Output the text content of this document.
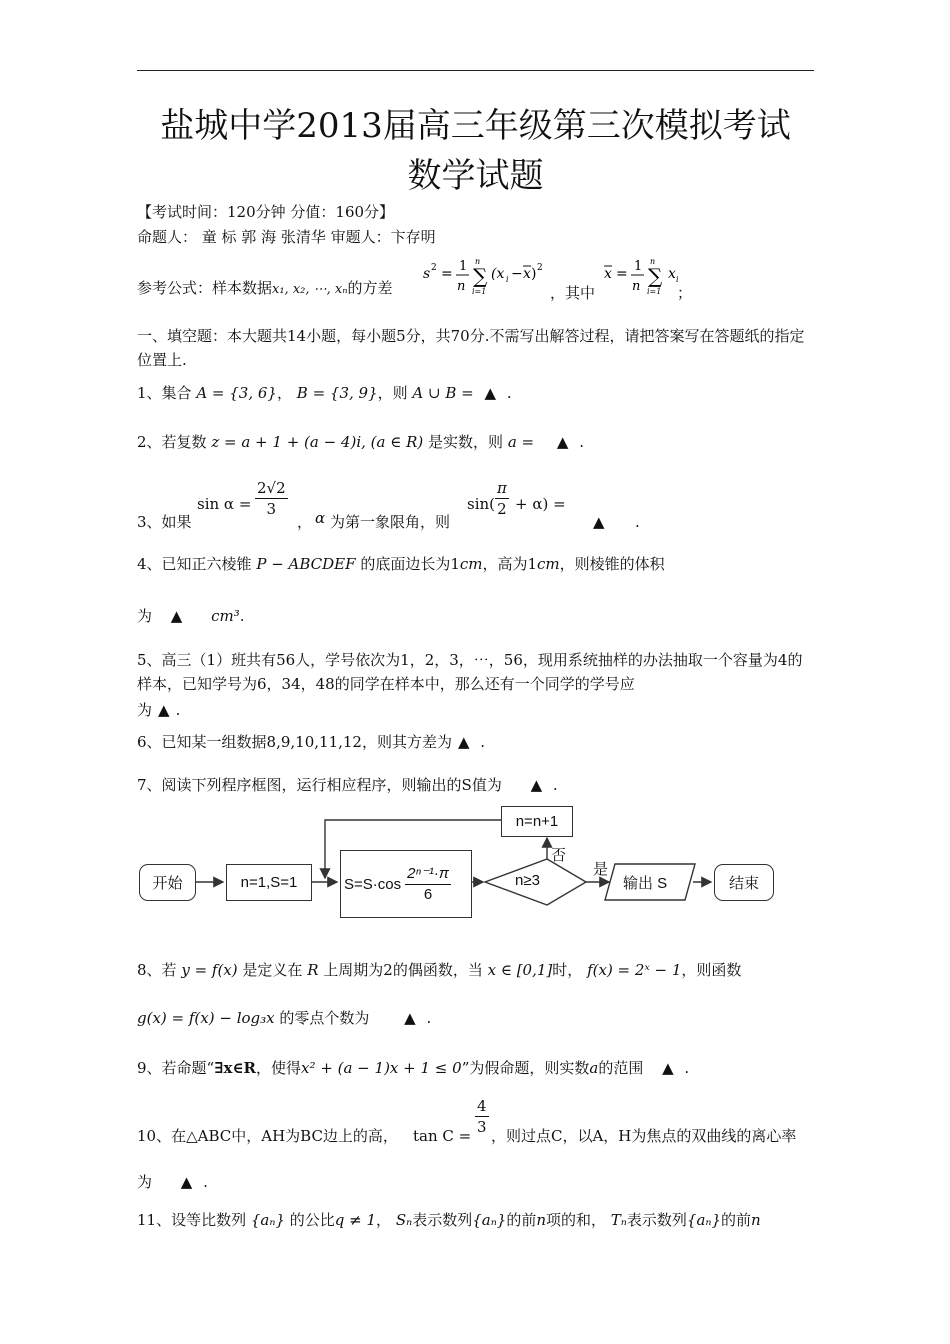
盐城中学2013届高三年级第三次模拟考试
数学试题
【考试时间：120分钟 分值：160分】
命题人： 童 标 郭 海 张清华 审题人：卞存明
参考公式：样本数据x₁, x₂, ⋯, xₙ的方差
s 2 = 1
n ∑
n
i=1
(x i − x ) 2
，其中
x = 1
n ∑
n
i=1
x i
；
一、填空题：本大题共14小题，每小题5分，共70分.不需写出解答过程，请把答案写在答题纸的指定位置上.
1、集合 A = {3, 6}， B = {3, 9}，则 A ∪ B = ▲ .
2、若复数 z = a + 1 + (a − 4)i, (a ∈ R) 是实数，则 a = ▲ .
3、如果
$\sin \alpha = \frac{2√2}{3}$
， α 为第一象限角，则
$\sin( \frac{\pi}{2} + \alpha)$ =
▲ .
4、已知正六棱锥 P − ABCDEF 的底面边长为1cm，高为1cm，则棱锥的体积
为 ▲ cm³.
5、高三（1）班共有56人，学号依次为1，2，3，⋯，56，现用系统抽样的办法抽取一个容量为4的样本，已知学号为6，34，48的同学在样本中，那么还有一个同学的学号应
为 ▲ .
6、已知某一组数据8,9,10,11,12，则其方差为 ▲ .
7、阅读下列程序框图，运行相应程序，则输出的S值为 ▲ .
开始	n=1,S=1	$S=S\cdot\cos \frac{\text{2ⁿ⁻¹·π}}{6}$	n≥3
n=n+1
否
是
输出 S	结束
8、若 y = f(x) 是定义在 R 上周期为2的偶函数，当 x ∈ [0,1]时， f(x) = 2ˣ − 1，则函数
g(x) = f(x) − log₃x 的零点个数为 ▲ .
9、若命题“∃x∈R，使得x² + (a − 1)x + 1 ≤ 0”为假命题，则实数a的范围 ▲ .
10、在△ABC中，AH为BC边上的高， $\tan C = \frac{4}{3}$ ，则过点C，以A，H为焦点的双曲线的离心率
为 ▲ .
11、设等比数列 {aₙ} 的公比q ≠ 1， Sₙ表示数列{aₙ}的前n项的和， Tₙ表示数列{aₙ}的前n
